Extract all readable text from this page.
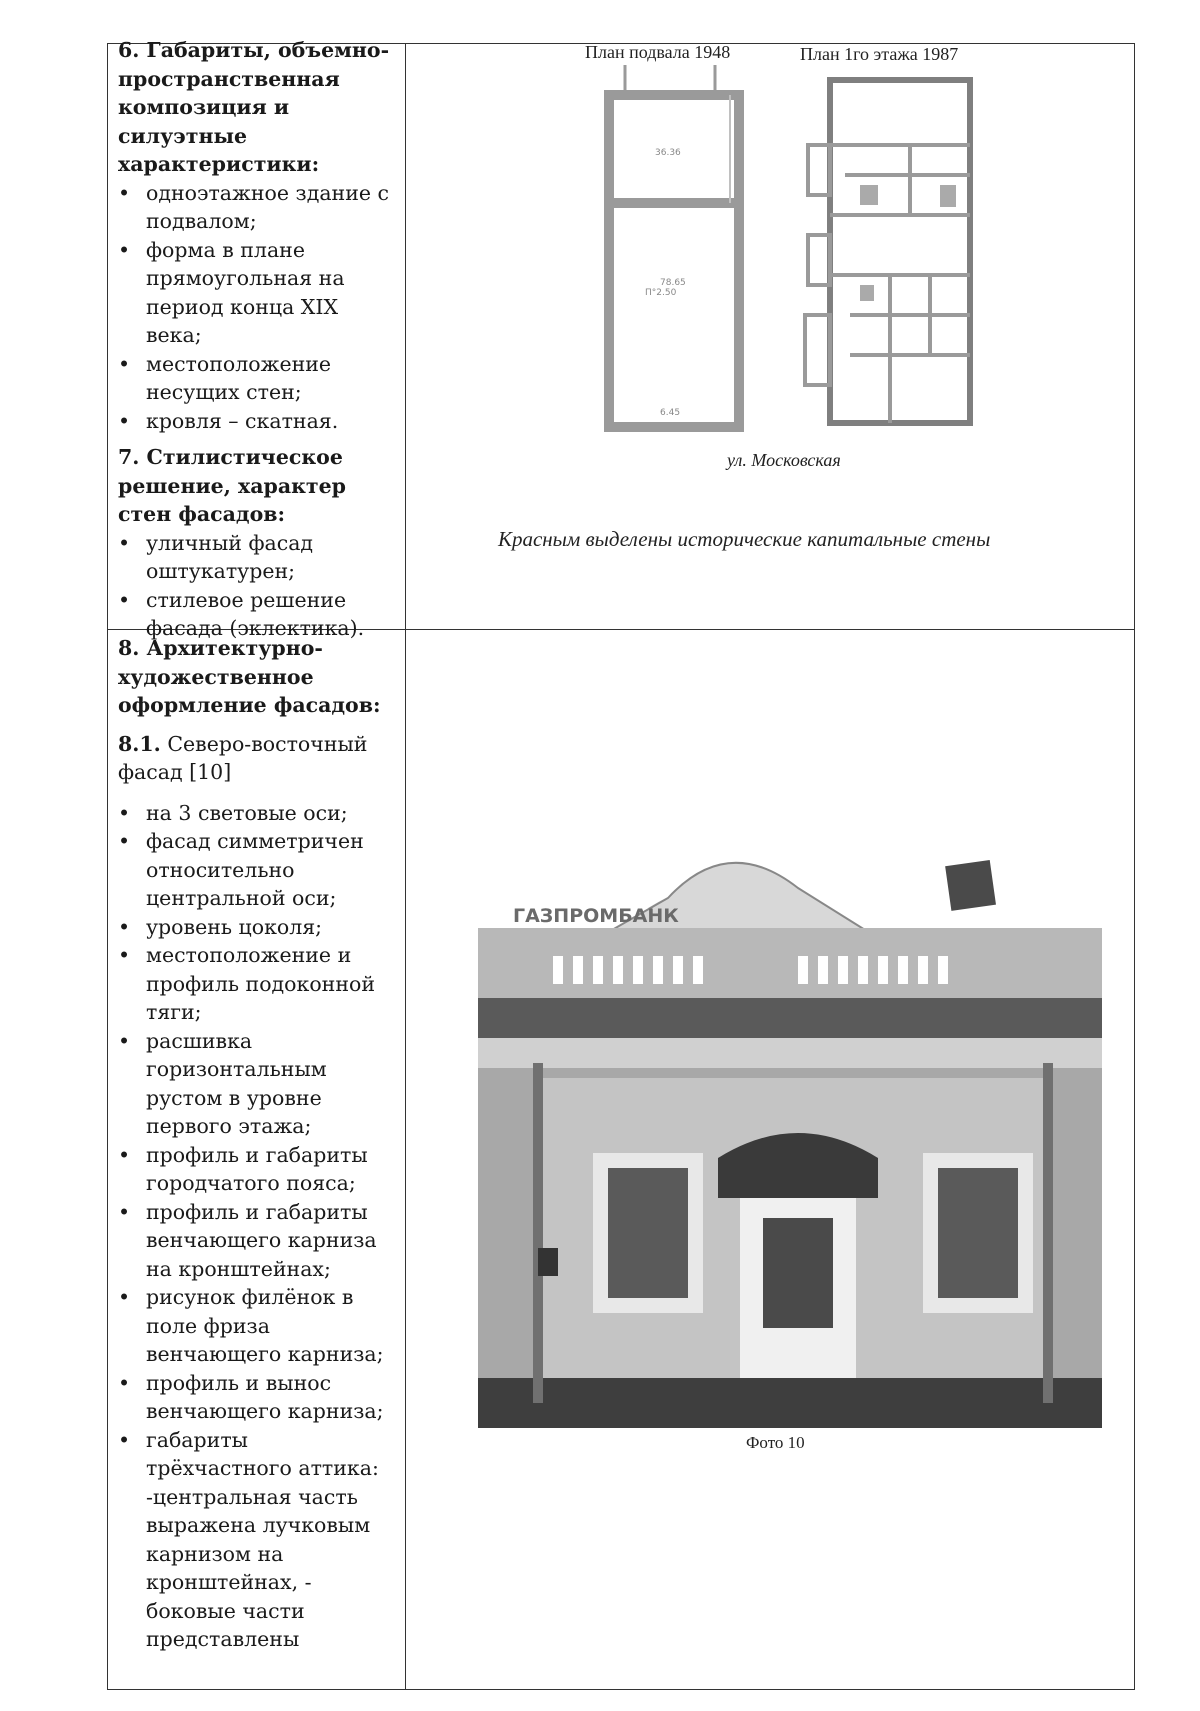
6. Габариты, объемно-пространственная композиция и силуэтные характеристики:

• одноэтажное здание с подвалом;
• форма в плане прямоугольная на период конца XIX века;
• местоположение несущих стен;
• кровля – скатная.

7. Стилистическое решение, характер стен фасадов:

• уличный фасад оштукатурен;
• стилевое решение фасада (эклектика).

8. Архитектурно-художественное оформление фасадов:

8.1. Северо-восточный фасад [10]

• на 3 световые оси;
• фасад симметричен относительно центральной оси;
• уровень цоколя;
• местоположение и профиль подоконной тяги;
• расшивка горизонтальным рустом в уровне первого этажа;
• профиль и габариты городчатого пояса;
• профиль и габариты венчающего карниза на кронштейнах;
• рисунок филёнок в поле фриза венчающего карниза;
• профиль и вынос венчающего карниза;
• габариты трёхчастного аттика: -центральная часть выражена лучковым карнизом на кронштейнах, - боковые части представлены
План подвала 1948	План 1го этажа 1987
36.36
78.65
П°2.50
6.45
ул. Московская
Красным выделены исторические капитальные стены
ГАЗПРОМБАНК
Фото 10
